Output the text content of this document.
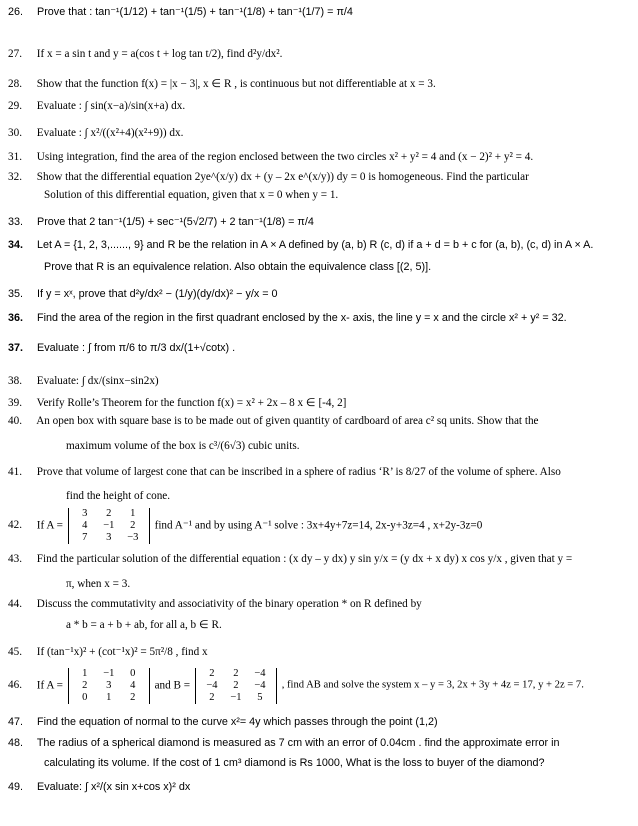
26. Prove that : tan⁻¹(1/12) + tan⁻¹(1/5) + tan⁻¹(1/8) + tan⁻¹(1/7) = π/4
27. If x = a sin t and y = a(cos t + log tan t/2), find d²y/dx².
28. Show that the function f(x) = |x − 3|, x ∈ R , is continuous but not differentiable at x = 3.
29. Evaluate : ∫ sin(x−a)/sin(x+a) dx.
30. Evaluate : ∫ x²/((x²+4)(x²+9)) dx.
31. Using integration, find the area of the region enclosed between the two circles x² + y² = 4 and (x − 2)² + y² = 4.
32. Show that the differential equation 2ye^(x/y) dx + (y – 2x e^(x/y)) dy = 0 is homogeneous. Find the particular
Solution of this differential equation, given that x = 0 when y = 1.
33. Prove that 2 tan⁻¹(1/5) + sec⁻¹(5√2/7) + 2 tan⁻¹(1/8) = π/4
34. Let A = {1, 2, 3,......, 9} and R be the relation in A × A defined by (a, b) R (c, d) if a + d = b + c for (a, b), (c, d) in A × A.
Prove that R is an equivalence relation. Also obtain the equivalence class [(2, 5)].
35. If y = xˣ, prove that d²y/dx² − (1/y)(dy/dx)² − y/x = 0
36. Find the area of the region in the first quadrant enclosed by the x- axis, the line y = x and the circle x² + y² = 32.
37. Evaluate : ∫ from π/6 to π/3 dx/(1+√cotx) .
38. Evaluate: ∫ dx/(sinx−sin2x)
39. Verify Rolle’s Theorem for the function f(x) = x² + 2x – 8 x ∈ [-4, 2]
40. An open box with square base is to be made out of given quantity of cardboard of area c² sq units. Show that the
maximum volume of the box is c³/(6√3) cubic units.
41. Prove that volume of largest cone that can be inscribed in a sphere of radius ‘R’ is 8/27 of the volume of sphere. Also
find the height of cone.
42. If A =
3	2	1
4	−1	2
7	3	−3
find A⁻¹ and by using A⁻¹ solve : 3x+4y+7z=14, 2x-y+3z=4 , x+2y-3z=0
43. Find the particular solution of the differential equation : (x dy – y dx) y sin y/x = (y dx + x dy) x cos y/x , given that y =
π, when x = 3.
44. Discuss the commutativity and associativity of the binary operation * on R defined by
a * b = a + b + ab, for all a, b ∈ R.
45. If (tan⁻¹x)² + (cot⁻¹x)² = 5π²/8 , find x
46. If A =
1	−1	0
2	3	4
0	1	2
and B =
2	2	−4
−4	2	−4
2	−1	5
, find AB and solve the system x – y = 3, 2x + 3y + 4z = 17, y + 2z = 7.
47. Find the equation of normal to the curve x²= 4y which passes through the point (1,2)
48. The radius of a spherical diamond is measured as 7 cm with an error of 0.04cm . find the approximate error in
calculating its volume. If the cost of 1 cm³ diamond is Rs 1000, What is the loss to buyer of the diamond?
49. Evaluate: ∫ x²/(x sin x+cos x)² dx
